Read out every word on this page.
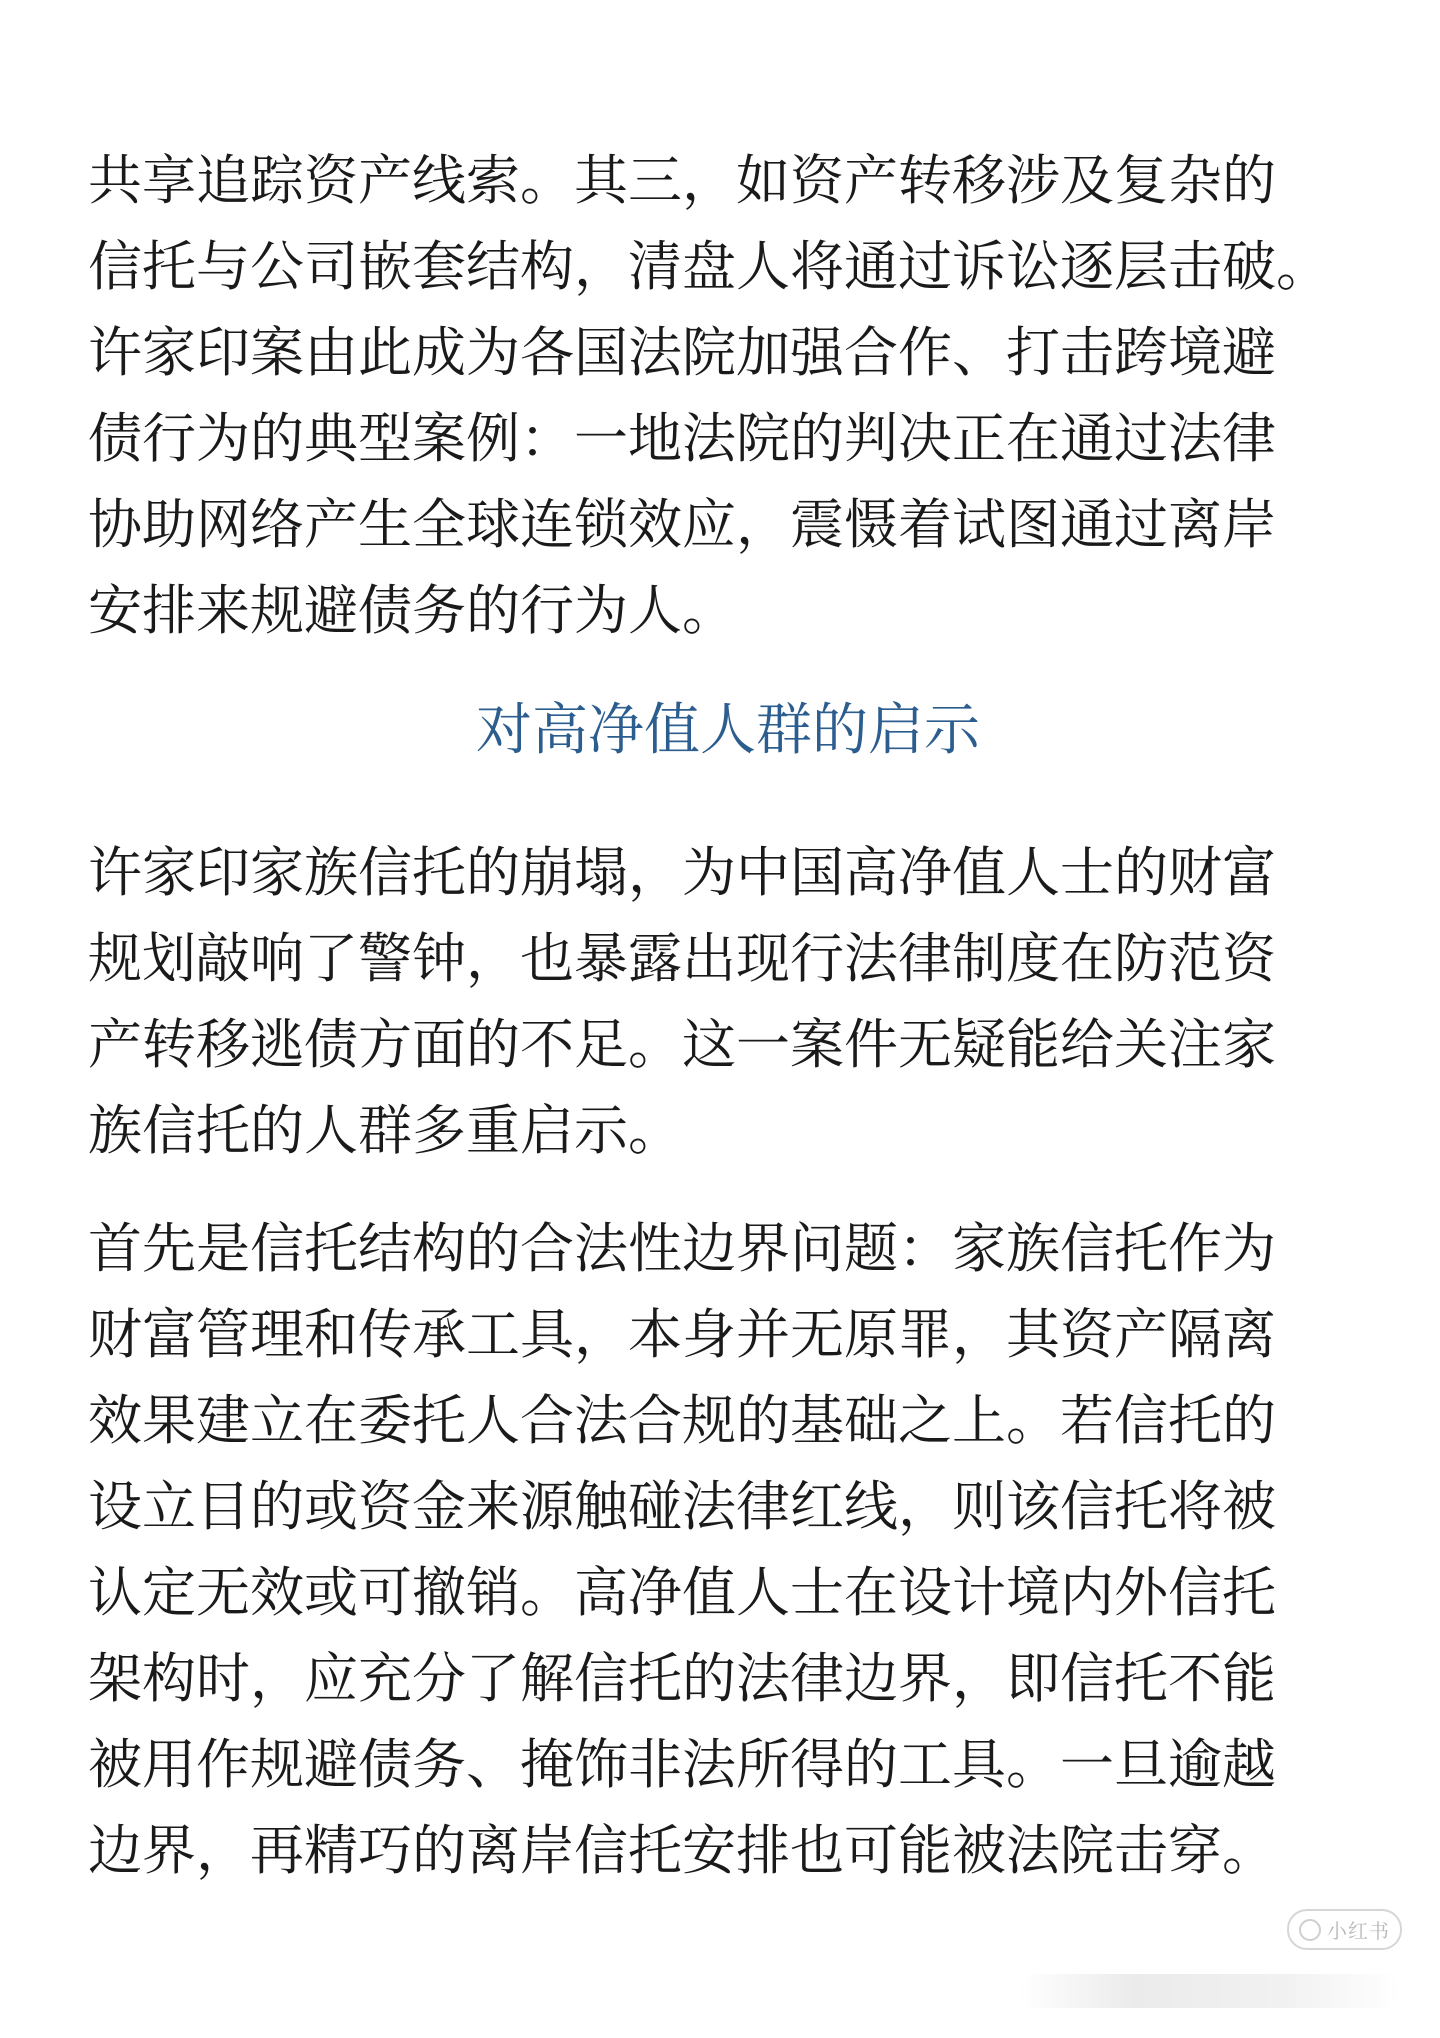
共享追踪资产线索。其三，如资产转移涉及复杂的
信托与公司嵌套结构，清盘人将通过诉讼逐层击破。
许家印案由此成为各国法院加强合作、打击跨境避
债行为的典型案例：一地法院的判决正在通过法律
协助网络产生全球连锁效应，震慑着试图通过离岸
安排来规避债务的行为人。
对高净值人群的启示
许家印家族信托的崩塌，为中国高净值人士的财富
规划敲响了警钟，也暴露出现行法律制度在防范资
产转移逃债方面的不足。这一案件无疑能给关注家
族信托的人群多重启示。
首先是信托结构的合法性边界问题：家族信托作为
财富管理和传承工具，本身并无原罪，其资产隔离
效果建立在委托人合法合规的基础之上。若信托的
设立目的或资金来源触碰法律红线，则该信托将被
认定无效或可撤销。高净值人士在设计境内外信托
架构时，应充分了解信托的法律边界，即信托不能
被用作规避债务、掩饰非法所得的工具。一旦逾越
边界，再精巧的离岸信托安排也可能被法院击穿。
小红书
